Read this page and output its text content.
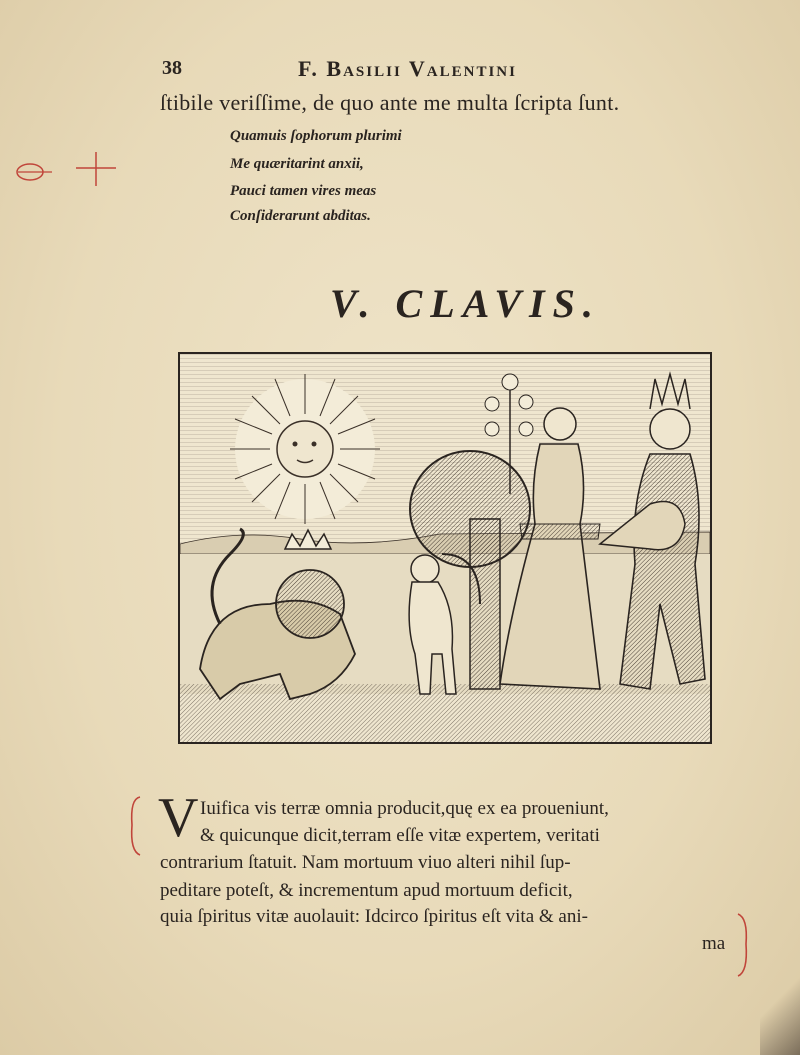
38	F. Basilii Valentini
ſtibile veriſſime, de quo ante me multa ſcripta ſunt.
Quamuis ſophorum plurimi
Me quæritarint anxii,
Pauci tamen vires meas
Conſiderarunt abditas.
V. CLAVIS.
V Iuifica vis terræ omnia producit,quę ex ea proueniunt,
& quicunque dicit,terram eſſe vitæ expertem, veritati
contrarium ſtatuit. Nam mortuum viuo alteri nihil ſup-
peditare poteſt, & incrementum apud mortuum deficit,
quia ſpiritus vitæ auolauit: Idcirco ſpiritus eſt vita & ani-
ma
